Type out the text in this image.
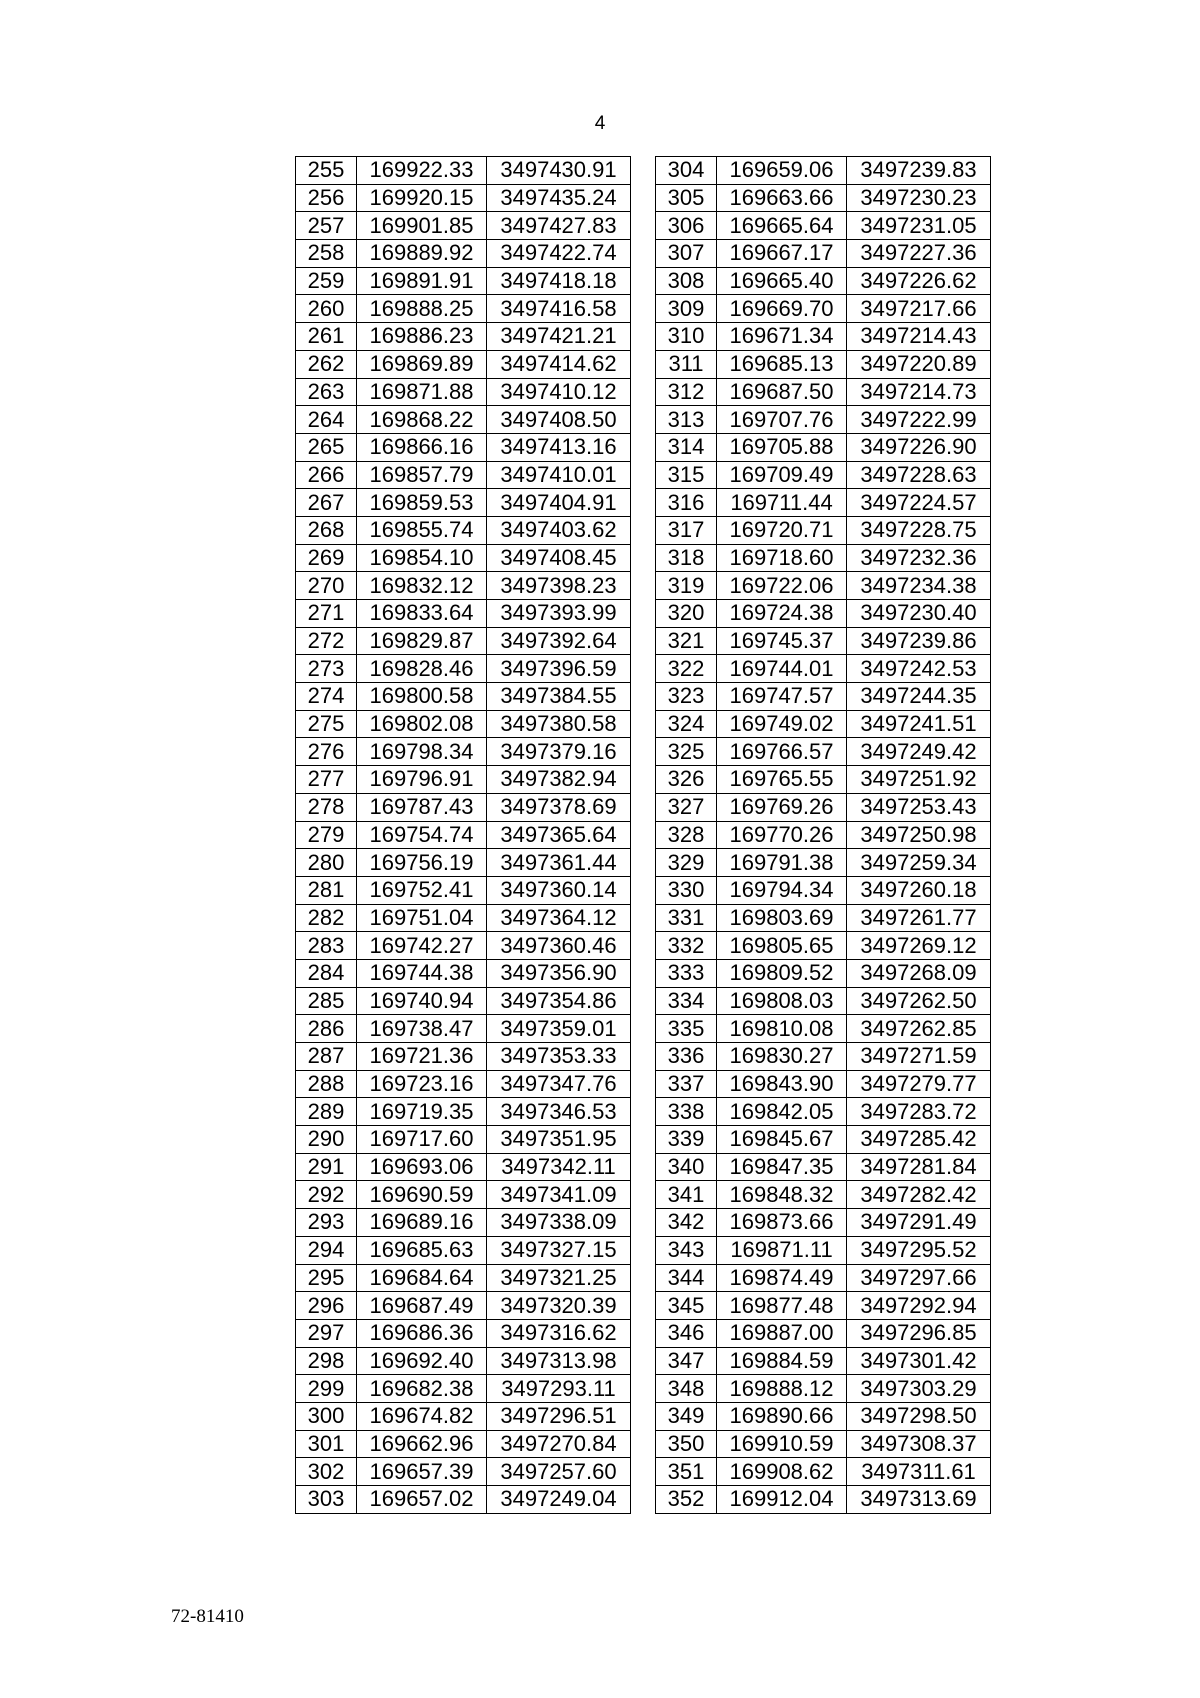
4
255	169922.33	3497430.91
256	169920.15	3497435.24
257	169901.85	3497427.83
258	169889.92	3497422.74
259	169891.91	3497418.18
260	169888.25	3497416.58
261	169886.23	3497421.21
262	169869.89	3497414.62
263	169871.88	3497410.12
264	169868.22	3497408.50
265	169866.16	3497413.16
266	169857.79	3497410.01
267	169859.53	3497404.91
268	169855.74	3497403.62
269	169854.10	3497408.45
270	169832.12	3497398.23
271	169833.64	3497393.99
272	169829.87	3497392.64
273	169828.46	3497396.59
274	169800.58	3497384.55
275	169802.08	3497380.58
276	169798.34	3497379.16
277	169796.91	3497382.94
278	169787.43	3497378.69
279	169754.74	3497365.64
280	169756.19	3497361.44
281	169752.41	3497360.14
282	169751.04	3497364.12
283	169742.27	3497360.46
284	169744.38	3497356.90
285	169740.94	3497354.86
286	169738.47	3497359.01
287	169721.36	3497353.33
288	169723.16	3497347.76
289	169719.35	3497346.53
290	169717.60	3497351.95
291	169693.06	3497342.11
292	169690.59	3497341.09
293	169689.16	3497338.09
294	169685.63	3497327.15
295	169684.64	3497321.25
296	169687.49	3497320.39
297	169686.36	3497316.62
298	169692.40	3497313.98
299	169682.38	3497293.11
300	169674.82	3497296.51
301	169662.96	3497270.84
302	169657.39	3497257.60
303	169657.02	3497249.04
304	169659.06	3497239.83
305	169663.66	3497230.23
306	169665.64	3497231.05
307	169667.17	3497227.36
308	169665.40	3497226.62
309	169669.70	3497217.66
310	169671.34	3497214.43
311	169685.13	3497220.89
312	169687.50	3497214.73
313	169707.76	3497222.99
314	169705.88	3497226.90
315	169709.49	3497228.63
316	169711.44	3497224.57
317	169720.71	3497228.75
318	169718.60	3497232.36
319	169722.06	3497234.38
320	169724.38	3497230.40
321	169745.37	3497239.86
322	169744.01	3497242.53
323	169747.57	3497244.35
324	169749.02	3497241.51
325	169766.57	3497249.42
326	169765.55	3497251.92
327	169769.26	3497253.43
328	169770.26	3497250.98
329	169791.38	3497259.34
330	169794.34	3497260.18
331	169803.69	3497261.77
332	169805.65	3497269.12
333	169809.52	3497268.09
334	169808.03	3497262.50
335	169810.08	3497262.85
336	169830.27	3497271.59
337	169843.90	3497279.77
338	169842.05	3497283.72
339	169845.67	3497285.42
340	169847.35	3497281.84
341	169848.32	3497282.42
342	169873.66	3497291.49
343	169871.11	3497295.52
344	169874.49	3497297.66
345	169877.48	3497292.94
346	169887.00	3497296.85
347	169884.59	3497301.42
348	169888.12	3497303.29
349	169890.66	3497298.50
350	169910.59	3497308.37
351	169908.62	3497311.61
352	169912.04	3497313.69
72-81410
